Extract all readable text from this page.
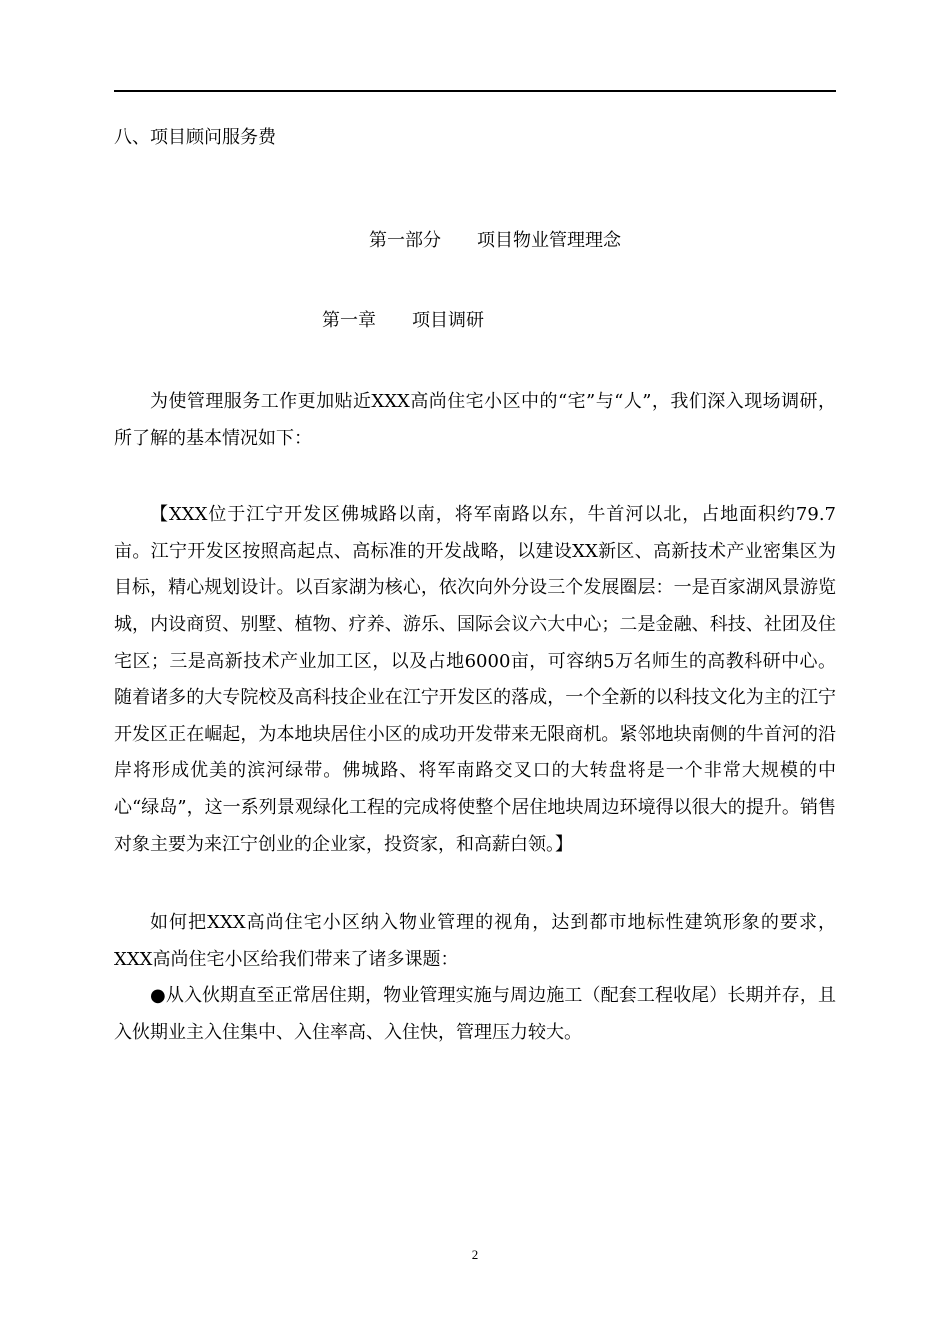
八、项目顾问服务费

第一部分　　项目物业管理理念

第一章　　项目调研

为使管理服务工作更加贴近XXX高尚住宅小区中的“宅”与“人”，我们深入现场调研，所了解的基本情况如下：

【XXX位于江宁开发区佛城路以南，将军南路以东，牛首河以北，占地面积约79.7亩。江宁开发区按照高起点、高标准的开发战略，以建设XX新区、高新技术产业密集区为目标，精心规划设计。以百家湖为核心，依次向外分设三个发展圈层：一是百家湖风景游览城，内设商贸、别墅、植物、疗养、游乐、国际会议六大中心；二是金融、科技、社团及住宅区；三是高新技术产业加工区，以及占地6000亩，可容纳5万名师生的高教科研中心。随着诸多的大专院校及高科技企业在江宁开发区的落成，一个全新的以科技文化为主的江宁开发区正在崛起，为本地块居住小区的成功开发带来无限商机。紧邻地块南侧的牛首河的沿岸将形成优美的滨河绿带。佛城路、将军南路交叉口的大转盘将是一个非常大规模的中心“绿岛”，这一系列景观绿化工程的完成将使整个居住地块周边环境得以很大的提升。销售对象主要为来江宁创业的企业家，投资家，和高薪白领。】

如何把XXX高尚住宅小区纳入物业管理的视角，达到都市地标性建筑形象的要求，XXX高尚住宅小区给我们带来了诸多课题：

●从入伙期直至正常居住期，物业管理实施与周边施工（配套工程收尾）长期并存，且入伙期业主入住集中、入住率高、入住快，管理压力较大。

2
